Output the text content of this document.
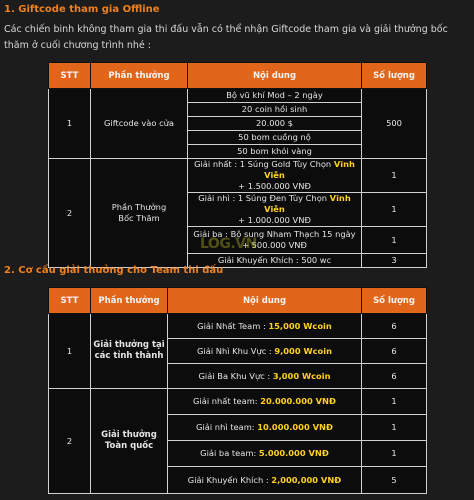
1. Giftcode tham gia Offline
Các chiến binh không tham gia thi đấu vẫn có thể nhận Giftcode tham gia và giải thưởng bốc thăm ở cuối chương trình nhé :
STT	Phần thưởng	Nội dung	Số lượng
1	Giftcode vào cửa	Bộ vũ khí Mod – 2 ngày	500
		20 coin hồi sinh	
		20.000 $	
		50 bom cuồng nộ	
		50 bom khói vàng	
2	Phần Thưởng Bốc Thăm	Giải nhất : 1 Súng Gold Tùy Chọn Vĩnh Viễn
+ 1.500.000 VNĐ	1
		Giải nhì : 1 Súng Đen Tùy Chọn Vĩnh Viễn
+ 1.000.000 VNĐ	1
		Giải ba : Bộ sung Nham Thạch 15 ngày
+ 500.000 VNĐ	1
		Giải Khuyến Khích : 500 wc	3
LOG.VN
2. Cơ cấu giải thưởng cho Team thi đấu
STT	Phần thưởng	Nội dung	Số lượng
1	Giải thưởng tại các tỉnh thành	Giải Nhất Team : 15,000 Wcoin	6
		Giải Nhì Khu Vực : 9,000 Wcoin	6
		Giải Ba Khu Vực : 3,000 Wcoin	6
2	Giải thưởng Toàn quốc	Giải nhất team: 20.000.000 VNĐ	1
		Giải nhì team: 10.000.000 VNĐ	1
		Giải ba team: 5.000.000 VNĐ	1
		Giải Khuyến Khích : 2,000,000 VNĐ	5
